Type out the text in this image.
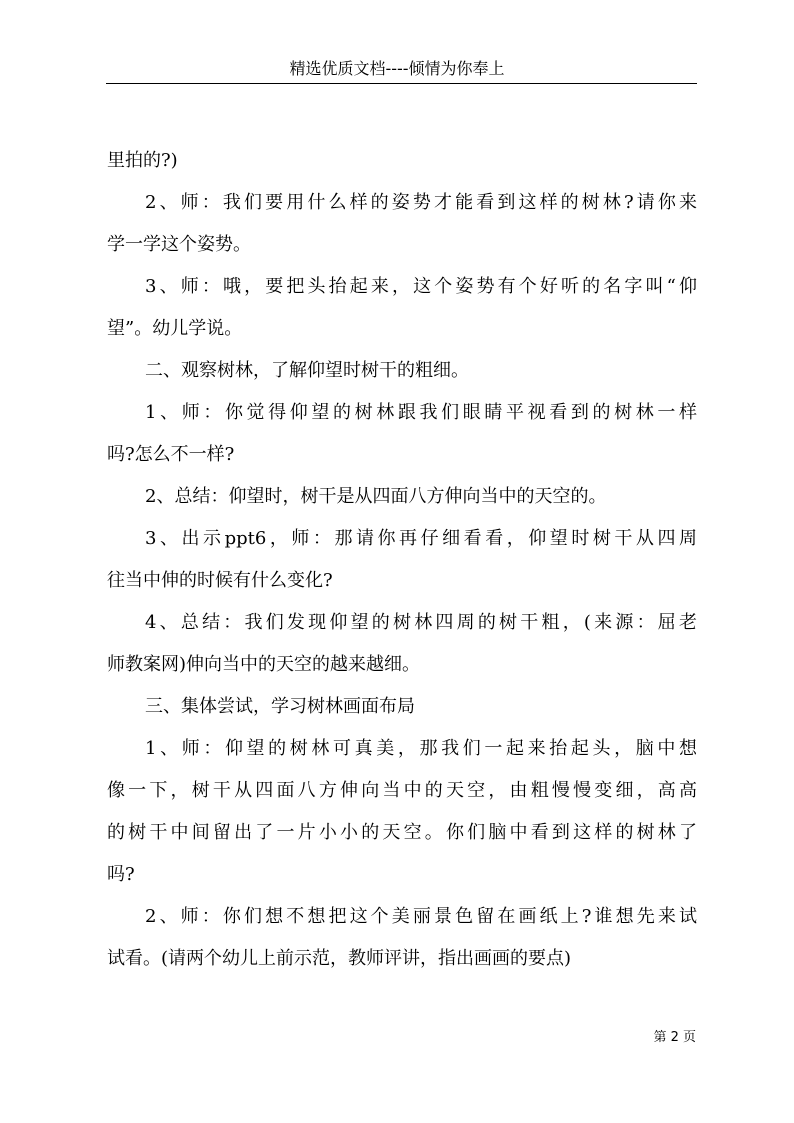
精选优质文档----倾情为你奉上
里拍的?)
2、师：我们要用什么样的姿势才能看到这样的树林?请你来
学一学这个姿势。
3、师：哦，要把头抬起来，这个姿势有个好听的名字叫“仰
望”。幼儿学说。
二、观察树林，了解仰望时树干的粗细。
1、师：你觉得仰望的树林跟我们眼睛平视看到的树林一样
吗?怎么不一样?
2、总结：仰望时，树干是从四面八方伸向当中的天空的。
3、出示ppt6，师：那请你再仔细看看，仰望时树干从四周
往当中伸的时候有什么变化?
4、总结：我们发现仰望的树林四周的树干粗，(来源：屈老
师教案网)伸向当中的天空的越来越细。
三、集体尝试，学习树林画面布局
1、师：仰望的树林可真美，那我们一起来抬起头，脑中想
像一下，树干从四面八方伸向当中的天空，由粗慢慢变细，高高
的树干中间留出了一片小小的天空。你们脑中看到这样的树林了
吗?
2、师：你们想不想把这个美丽景色留在画纸上?谁想先来试
试看。(请两个幼儿上前示范，教师评讲，指出画画的要点)
第 2 页
